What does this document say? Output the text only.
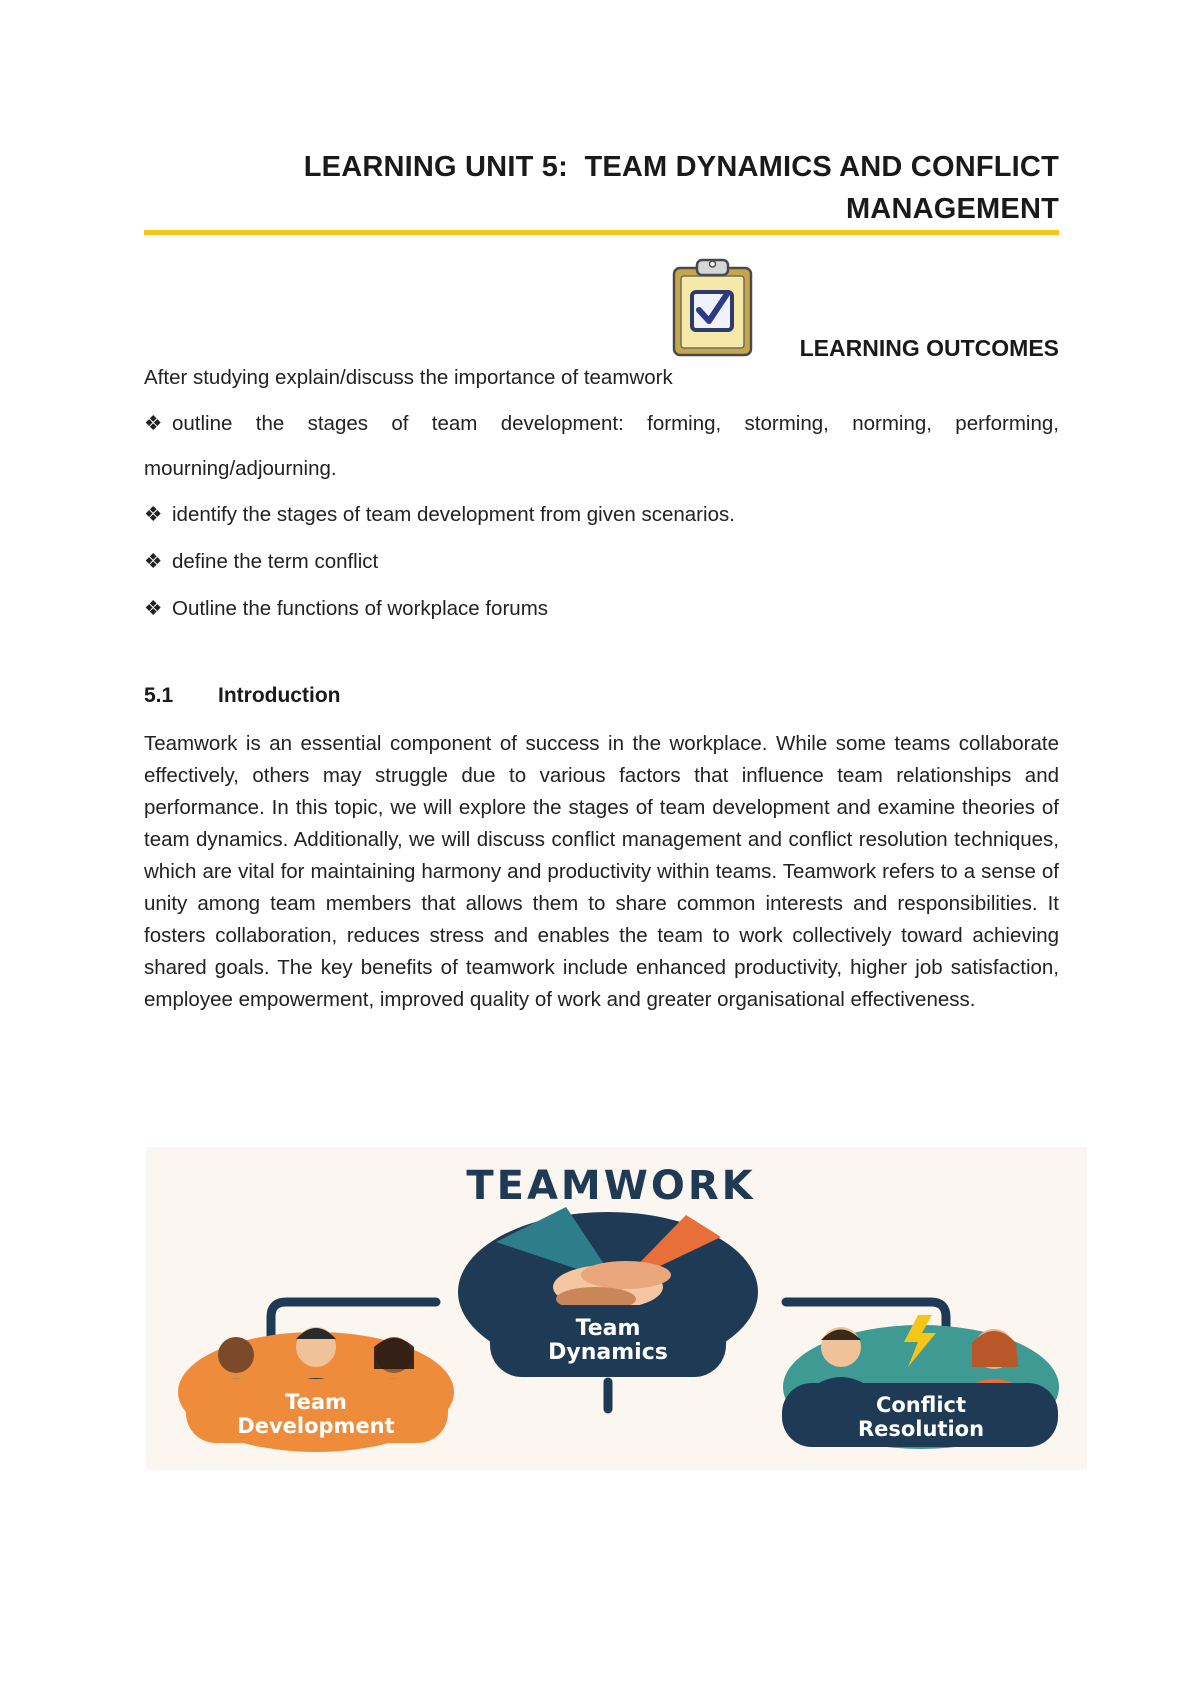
LEARNING UNIT 5:  TEAM DYNAMICS AND CONFLICT
MANAGEMENT
LEARNING OUTCOMES
After studying explain/discuss the importance of teamwork
❖ outline the stages of team development: forming, storming, norming, performing,
mourning/adjourning.
❖ identify the stages of team development from given scenarios.
❖ define the term conflict
❖ Outline the functions of workplace forums
5.1 Introduction
Teamwork is an essential component of success in the workplace. While some teams collaborate effectively, others may struggle due to various factors that influence team relationships and performance. In this topic, we will explore the stages of team development and examine theories of team dynamics. Additionally, we will discuss conflict management and conflict resolution techniques, which are vital for maintaining harmony and productivity within teams. Teamwork refers to a sense of unity among team members that allows them to share common interests and responsibilities. It fosters collaboration, reduces stress and enables the team to work collectively toward achieving shared goals. The key benefits of teamwork include enhanced productivity, higher job satisfaction, employee empowerment, improved quality of work and greater organisational effectiveness.
TEAMWORK
Team
Dynamics
Team
Development
Conflict
Resolution
